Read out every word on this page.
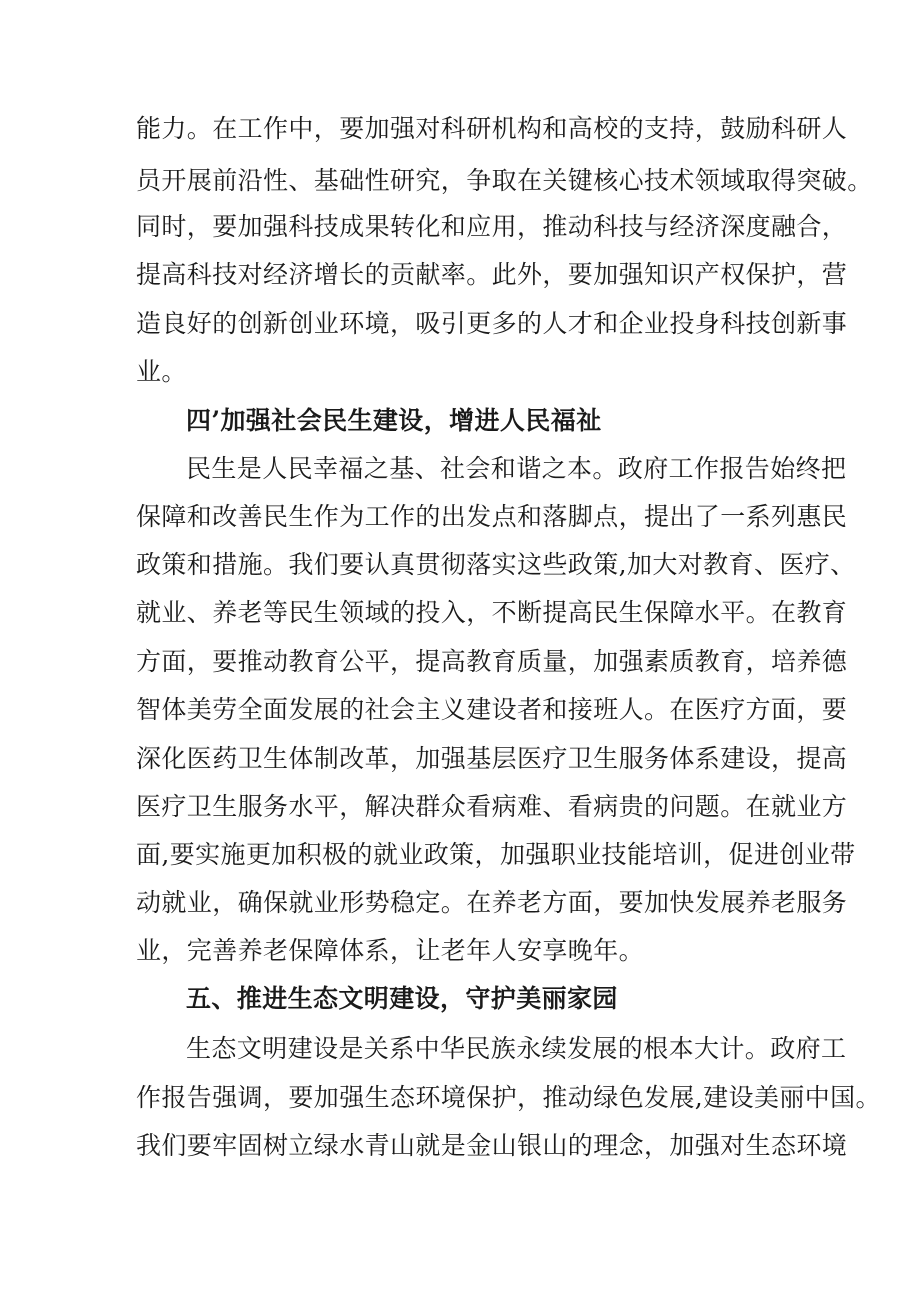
能力。在工作中，要加强对科研机构和高校的支持，鼓励科研人
员开展前沿性、基础性研究，争取在关键核心技术领域取得突破。
同时，要加强科技成果转化和应用，推动科技与经济深度融合，
提高科技对经济增长的贡献率。此外，要加强知识产权保护，营
造良好的创新创业环境，吸引更多的人才和企业投身科技创新事
业。
四’加强社会民生建设，增进人民福祉
民生是人民幸福之基、社会和谐之本。政府工作报告始终把
保障和改善民生作为工作的出发点和落脚点，提出了一系列惠民
政策和措施。我们要认真贯彻落实这些政策,加大对教育、医疗、
就业、养老等民生领域的投入，不断提高民生保障水平。在教育
方面，要推动教育公平，提高教育质量，加强素质教育，培养德
智体美劳全面发展的社会主义建设者和接班人。在医疗方面，要
深化医药卫生体制改革，加强基层医疗卫生服务体系建设，提高
医疗卫生服务水平，解决群众看病难、看病贵的问题。在就业方
面,要实施更加积极的就业政策，加强职业技能培训，促进创业带
动就业，确保就业形势稳定。在养老方面，要加快发展养老服务
业，完善养老保障体系，让老年人安享晚年。
五、推进生态文明建设，守护美丽家园
生态文明建设是关系中华民族永续发展的根本大计。政府工
作报告强调，要加强生态环境保护，推动绿色发展,建设美丽中国。
我们要牢固树立绿水青山就是金山银山的理念，加强对生态环境
